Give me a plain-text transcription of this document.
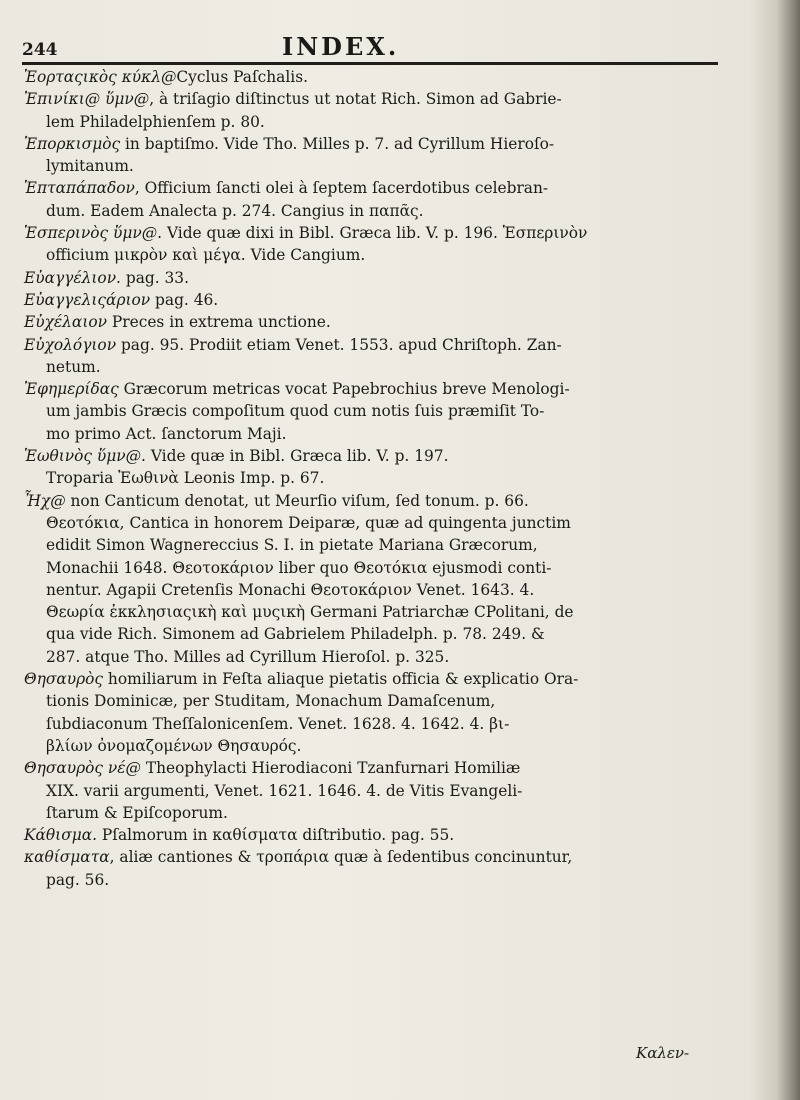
244	INDEX.

Ἑορταςικὸς κύκλ@Cyclus Paſchalis.

Ἐπινίκι@ ὕμν@, à triſagio diſtinctus ut notat Rich. Simon ad Gabrie-
lem Philadelphienſem p. 80.

Ἐπορκισμὸς in baptiſmo. Vide Tho. Milles p. 7. ad Cyrillum Hieroſo-
lymitanum.

Ἑπταπάπαδον, Officium ſancti olei à ſeptem ſacerdotibus celebran-
dum. Eadem Analecta p. 274. Cangius in παπᾶς.

Ἑσπερινὸς ὕμν@. Vide quæ dixi in Bibl. Græca lib. V. p. 196. Ἑσπερινὸν
officium μικρὸν καὶ μέγα. Vide Cangium.

Εὐαγγέλιον. pag. 33.

Εὐαγγελιςάριον pag. 46.

Εὐχέλαιον Preces in extrema unctione.

Εὐχολόγιον pag. 95. Prodiit etiam Venet. 1553. apud Chriſtoph. Zan-
netum.

Ἐφημερίδας Græcorum metricas vocat Papebrochius breve Menologi-
um jambis Græcis compoſitum quod cum notis ſuis præmiſit To-
mo primo Act. ſanctorum Maji.

Ἑωθινὸς ὕμν@. Vide quæ in Bibl. Græca lib. V. p. 197.
Troparia Ἑωθινὰ Leonis Imp. p. 67.

Ἦχ@ non Canticum denotat, ut Meurſio viſum, ſed tonum. p. 66.
Θεοτόκια, Cantica in honorem Deiparæ, quæ ad quingenta junctim
edidit Simon Wagnereccius S. I. in pietate Mariana Græcorum,
Monachii 1648. Θεοτοκάριον liber quo Θεοτόκια ejusmodi conti-
nentur. Agapii Cretenſis Monachi Θεοτοκάριον Venet. 1643. 4.
Θεωρία ἐκκλησιαςικὴ καὶ μυςικὴ Germani Patriarchæ CPolitani, de
qua vide Rich. Simonem ad Gabrielem Philadelph. p. 78. 249. &
287. atque Tho. Milles ad Cyrillum Hieroſol. p. 325.

Θησαυρὸς homiliarum in Feſta aliaque pietatis officia & explicatio Ora-
tionis Dominicæ, per Studitam, Monachum Damaſcenum,
ſubdiaconum Theſſalonicenſem. Venet. 1628. 4. 1642. 4. βι-
βλίων ὀνομαζομένων Θησαυρός.

Θησαυρὸς νέ@ Theophylacti Hierodiaconi Tzanfurnari Homiliæ
XIX. varii argumenti, Venet. 1621. 1646. 4. de Vitis Evangeli-
ſtarum & Epiſcoporum.

Κάθισμα. Pſalmorum in καθίσματα diſtributio. pag. 55.

καθίσματα, aliæ cantiones & τροπάρια quæ à ſedentibus concinuntur,
pag. 56.

Καλεν-
